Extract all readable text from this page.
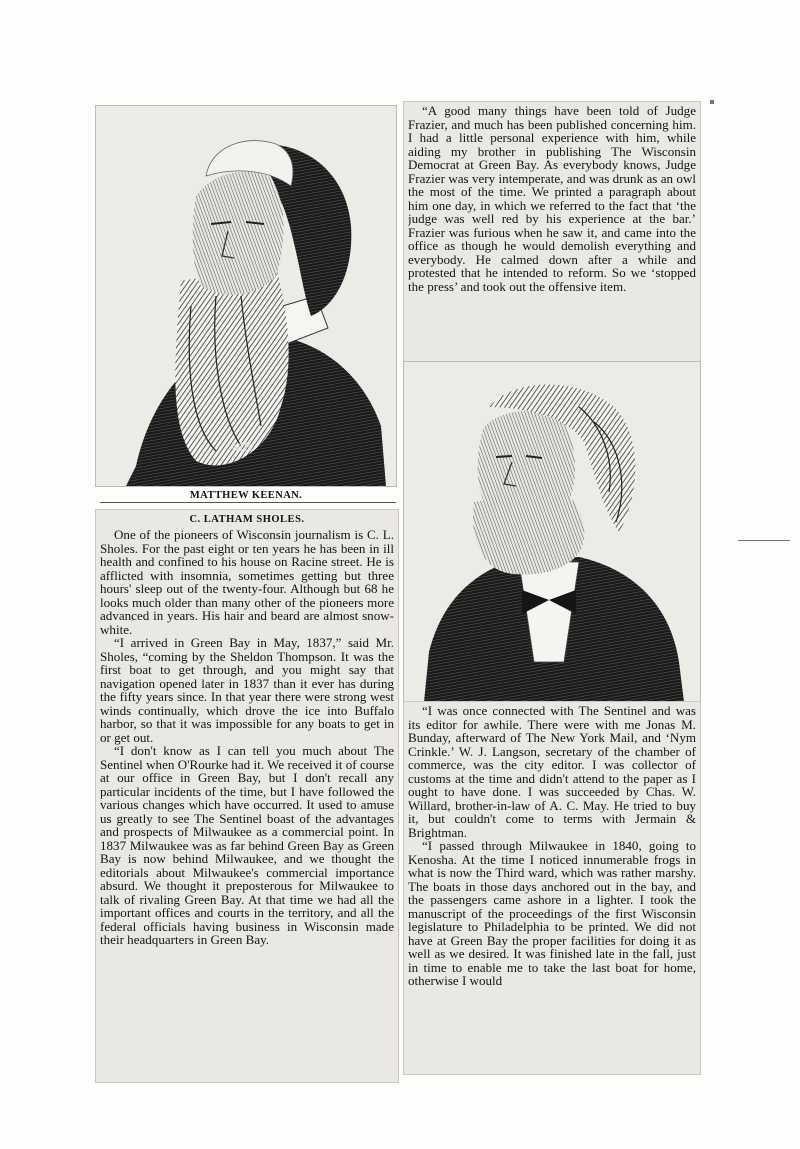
ME
MATTHEW KEENAN.
C. LATHAM SHOLES.

One of the pioneers of Wisconsin journalism is C. L. Sholes. For the past eight or ten years he has been in ill health and confined to his house on Racine street. He is afflicted with insomnia, sometimes getting but three hours' sleep out of the twenty-four. Although but 68 he looks much older than many other of the pioneers more advanced in years. His hair and beard are almost snow-white.

“I arrived in Green Bay in May, 1837,” said Mr. Sholes, “coming by the Sheldon Thompson. It was the first boat to get through, and you might say that navigation opened later in 1837 than it ever has during the fifty years since. In that year there were strong west winds continually, which drove the ice into Buffalo harbor, so that it was impossible for any boats to get in or get out.

“I don't know as I can tell you much about The Sentinel when O'Rourke had it. We received it of course at our office in Green Bay, but I don't recall any particular incidents of the time, but I have followed the various changes which have occurred. It used to amuse us greatly to see The Sentinel boast of the advantages and prospects of Milwaukee as a commercial point. In 1837 Milwaukee was as far behind Green Bay as Green Bay is now behind Milwaukee, and we thought the editorials about Milwaukee's commercial importance absurd. We thought it preposterous for Milwaukee to talk of rivaling Green Bay. At that time we had all the important offices and courts in the territory, and all the federal officials having business in Wisconsin made their headquarters in Green Bay.

“A good many things have been told of Judge Frazier, and much has been published concerning him. I had a little personal experience with him, while aiding my brother in publishing The Wisconsin Democrat at Green Bay. As everybody knows, Judge Frazier was very intemperate, and was drunk as an owl the most of the time. We printed a paragraph about him one day, in which we referred to the fact that ‘the judge was well red by his experience at the bar.’ Frazier was furious when he saw it, and came into the office as though he would demolish everything and everybody. He calmed down after a while and protested that he intended to reform. So we ‘stopped the press’ and took out the offensive item.

“I was once connected with The Sentinel and was its editor for awhile. There were with me Jonas M. Bunday, afterward of The New York Mail, and ‘Nym Crinkle.’ W. J. Langson, secretary of the chamber of commerce, was the city editor. I was collector of customs at the time and didn't attend to the paper as I ought to have done. I was succeeded by Chas. W. Willard, brother-in-law of A. C. May. He tried to buy it, but couldn't come to terms with Jermain & Brightman.

“I passed through Milwaukee in 1840, going to Kenosha. At the time I noticed innumerable frogs in what is now the Third ward, which was rather marshy. The boats in those days anchored out in the bay, and the passengers came ashore in a lighter. I took the manuscript of the proceedings of the first Wisconsin legislature to Philadelphia to be printed. We did not have at Green Bay the proper facilities for doing it as well as we desired. It was finished late in the fall, just in time to enable me to take the last boat for home, otherwise I would
